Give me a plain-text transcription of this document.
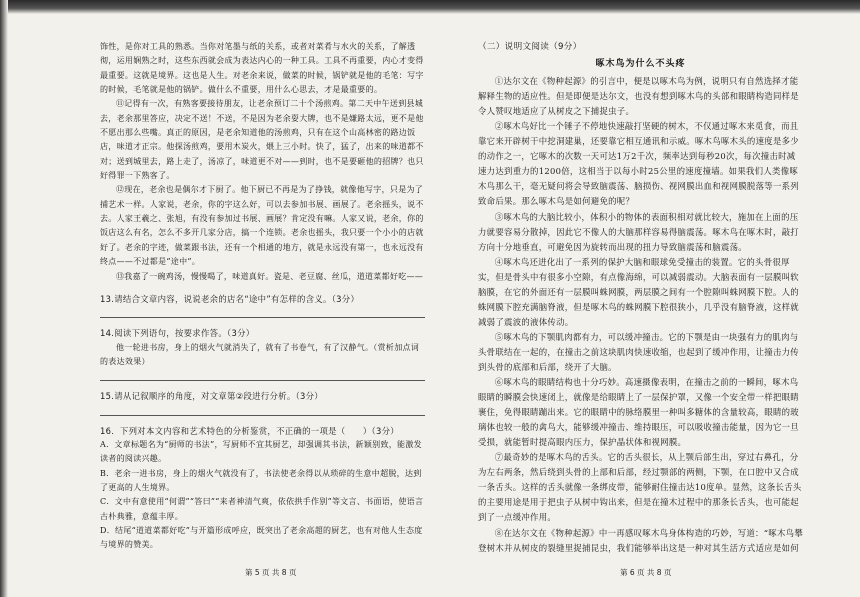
饰性，是你对工具的熟悉。当你对笔墨与纸的关系，或者对菜肴与水火的关系，了解透彻，运用娴熟之时，这些东西就会成为表达内心的一种工具。工具不再重要，内心才变得最重要。这就是境界。这也是人生。对老余来说，做菜的时候，锅铲就是他的毛笔：写字的时候，毛笔就是他的锅铲。做什么不重要，用什么心思去，才是最重要的。

⑪记得有一次，有熟客要接待朋友，让老余预订二十个汤煎鸡。第二天中午送到县城去，老余那里答应，决定不送！不送，不是因为老余耍大牌，也不是嫌路太远，更不是他不愿出那么些嘴。真正的原因，是老余知道他的汤煎鸡，只有在这个山高林密的路边饭店，味道才正宗。他探汤煎鸡，要用木炭火，煨上三小时。快了，猛了，出来的味道都不对；送到城里去，路上走了，汤凉了，味道更不对——到时，也不是要砸他的招牌？也只好得罪一下熟客了。

⑫现在，老余也是偶尔才下厨了。他下厨已不再是为了挣钱，就像他写字，只是为了捕艺术一样。人家说，老余，你的字这么好，可以去参加书展、画展了。老余摇头，说不去。人家王羲之、张旭，有没有参加过书展、画展？肯定没有嘛。人家又说，老余，你的饭店这么有名，怎么不多开几家分店，搞一个连锁。老余也摇头，我只要一个小小的店就好了。老余的字迹，做菜跟书法，还有一个相通的地方，就是永远没有第一，也永远没有终点——不过都是“途中”。

⑬我嘉了一碗鸡汤，慢慢喝了，味道真好。瓷是、老豆腐、丝瓜，道道菜都好吃——

13.请结合文章内容，说说老余的店名“途中”有怎样的含义。（3分）

14.阅读下列语句，按要求作答。（3分）

他一轮进书房，身上的烟火气就消失了，就有了书卷气，有了汉静气。（赏析加点词的表达效果）

15.请从记叙顺序的角度，对文章第②段进行分析。（3分）

16．下列对本文内容和艺术特色的分析鉴赏，不正确的一项是（　　）（3分）

A．文章标题名为“厨师的书法”，写厨师不宜其厨艺，却强调其书法，新颖别致，能激发读者的阅读兴趣。

B．老余一进书房，身上的烟火气就没有了，书法使老余得以从琐碎的生意中超脱，达到了更高的人生境界。

C．文中有意使用“何谓”“答曰”“来者神清气爽，依依拱手作别”等文言、书面语，使语言古朴典雅，意蕴丰厚。

D．结尾“道道菜都好吃”与开篇形成呼应，既突出了老余高超的厨艺，也有对他人生态度与境界的赞美。

（二）说明文阅读（9分）

啄木鸟为什么不头疼

①达尔文在《物种起源》的引言中，便是以啄木鸟为例，说明只有自然选择才能解释生物的适应性。但是即便是达尔文，也没有想到啄木鸟的头部和眼睛构造同样是令人赞叹地适应了从树皮之下捕捉虫子。

②啄木鸟好比一个锤子不停地快速敲打坚硬的树木，不仅通过啄木来觅食，而且靠它来开辟树干中挖洞建巢，还要靠它相互通讯和示威。啄木鸟啄木头的速度是多少的动作之一，它啄木的次数一天可达1万2千次，频率达到每秒20次，每次撞击时减速力达到重力的1200倍，这相当于以每小时25公里的速度撞墙。如果我们人类像啄木鸟那么干，毫无疑问将会导致脑震荡、脑损伤、视网膜出血和视网膜脱落等一系列致命后果。那么啄木鸟是如何避免的呢？

③啄木鸟的大脑比较小，体积小的物体的表面积相对就比较大，施加在上面的压力就要容易分散掉，因此它不像人的大脑那样容易得脑震荡。啄木鸟在啄木时，敲打方向十分地垂直，可避免因为旋转而出现的扭力导致脑震荡和脑震荡。

④啄木鸟还进化出了一系列的保护大脑和眼球免受撞击的装置。它的头骨很厚实，但是骨头中有很多小空隙，有点像海绵，可以减弱震动。大脑表面有一层膜叫软脑膜，在它的外面还有一层膜叫蛛网膜，两层膜之间有一个腔隙叫蛛网膜下腔。人的蛛网膜下腔充满脑脊液，但是啄木鸟的蛛网膜下腔很狭小，几乎没有脑脊液，这样就减弱了震波的液体传动。

⑤啄木鸟的下颚肌肉都有力，可以缓冲撞击。它的下颚是由一块强有力的肌肉与头骨联结在一起的，在撞击之前这块肌肉快速收缩，也起到了缓冲作用，让撞击力传到头骨的底部和后部，绕开了大脑。

⑥啄木鸟的眼睛结构也十分巧妙。高速摄像表明，在撞击之前的一瞬间，啄木鸟眼睛的瞬膜会快速闭上，就像是给眼睛上了一层保护罩，又像一个安全带一样把眼睛裹住，免得眼睛蹦出来。它的眼睛中的脉络膜里一种叫多糖体的含量较高，眼睛的玻璃体也较一般的禽鸟大，能够缓冲撞击、维持眼压，可以吸收撞击能量，因为它一旦受损，就能暂时提高眼内压力，保护晶状体和视网膜。

⑦最奇妙的是啄木鸟的舌头。它的舌头很长，从上颚后部生出，穿过右鼻孔，分为左右两条，然后绕到头骨的上部和后部，经过颚部的两侧，下颚，在口腔中又合成一条舌头。这样的舌头就像一条绑皮带，能够耐住撞击达10度单。显然，这条长舌头的主要用途是用于把虫子从树中钩出来，但是在撞木过程中的那条长舌头，也可能起到了一点缓冲作用。

⑧在达尔文在《物种起源》中一再感叹啄木鸟身体构造的巧妙，写道：“啄木鸟攀登树木并从树皮的裂缝里捉捕昆虫，我们能够举出这是一种对其生活方式适应是如何

第 5 页 共 8 页	第 6 页 共 8 页
